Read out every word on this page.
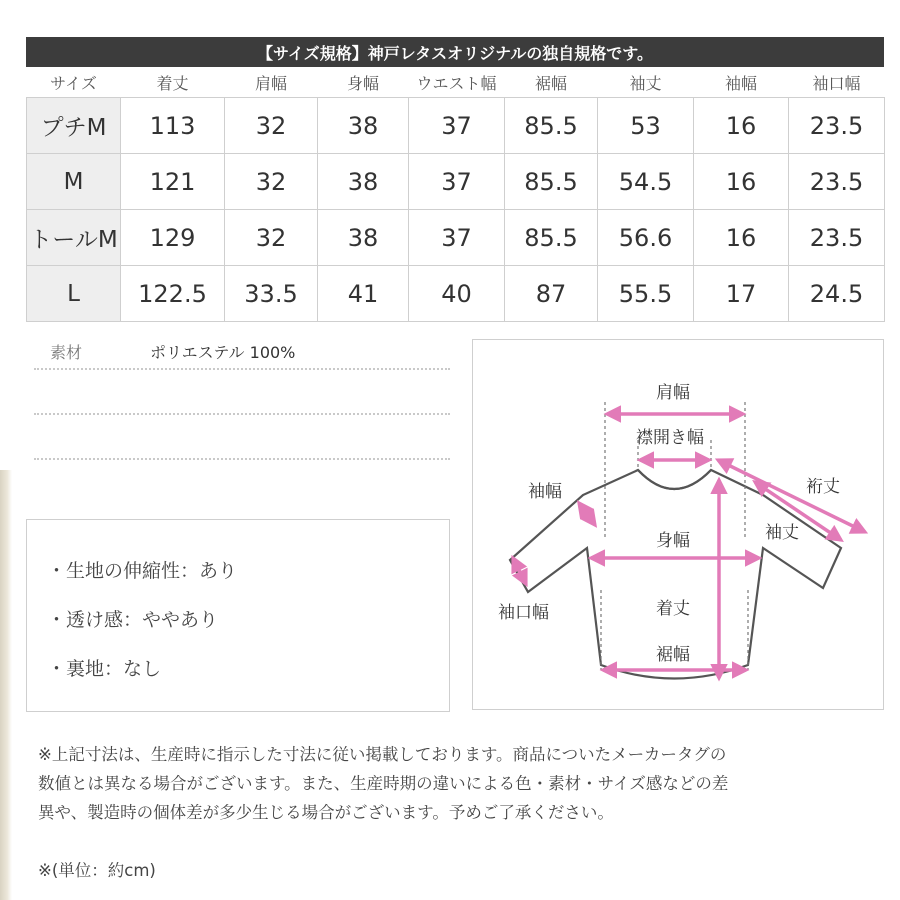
【サイズ規格】神戸レタスオリジナルの独自規格です。
サイズ	着丈	肩幅	身幅	ウエスト幅	裾幅	袖丈	袖幅	袖口幅
プチM	113	32	38	37	85.5	53	16	23.5
M	121	32	38	37	85.5	54.5	16	23.5
トールM	129	32	38	37	85.5	56.6	16	23.5
L	122.5	33.5	41	40	87	55.5	17	24.5
素材	ポリエステル 100%
・生地の伸縮性：あり
・透け感：ややあり
・裏地：なし
肩幅
襟開き幅
裄丈
袖幅
袖丈
身幅
袖口幅	着丈
裾幅
※上記寸法は、生産時に指示した寸法に従い掲載しております。商品についたメーカータグの
数値とは異なる場合がございます。また、生産時期の違いによる色・素材・サイズ感などの差
異や、製造時の個体差が多少生じる場合がございます。予めご了承ください。
※(単位：約cm)
